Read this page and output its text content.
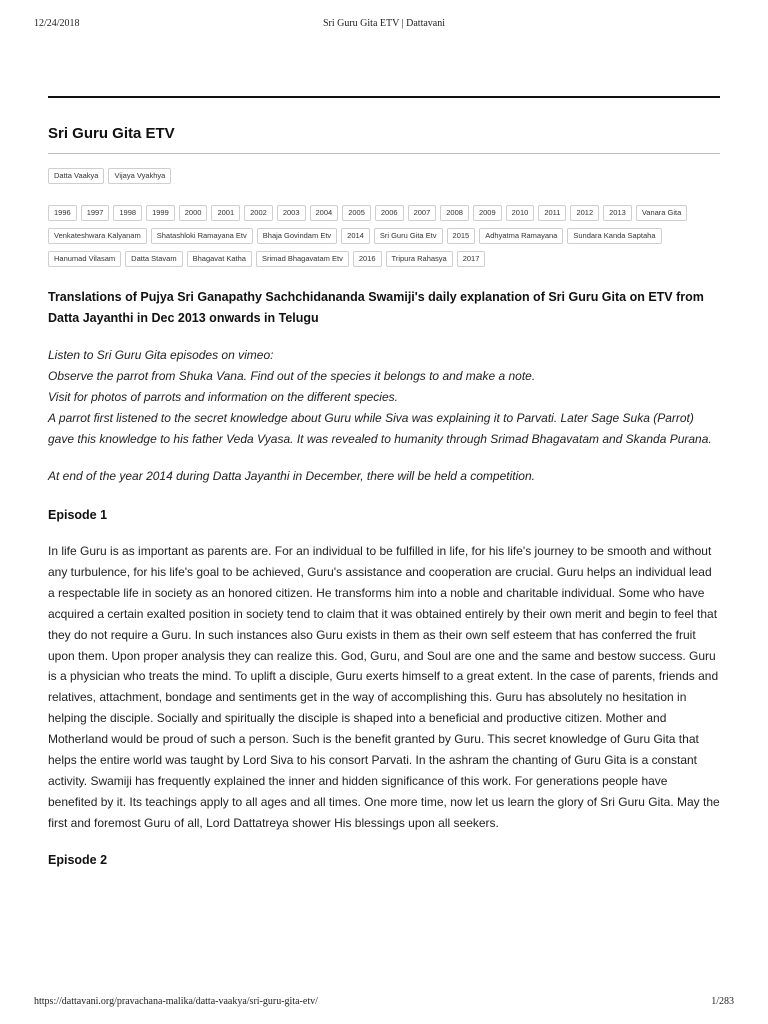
12/24/2018	Sri Guru Gita ETV | Dattavani
Sri Guru Gita ETV
Datta Vaakya	Vijaya Vyakhya
1996	1997	1998	1999	2000	2001	2002	2003	2004	2005	2006	2007	2008	2009	2010	2011	2012	2013	Vanara Gita
Venkateshwara Kalyanam	Shatashloki Ramayana Etv	Bhaja Govindam Etv	2014	Sri Guru Gita Etv	2015	Adhyatma Ramayana	Sundara Kanda Saptaha
Hanumad Vilasam	Datta Stavam	Bhagavat Katha	Srimad Bhagavatam Etv	2016	Tripura Rahasya	2017
Translations of Pujya Sri Ganapathy Sachchidananda Swamiji's daily explanation of Sri Guru Gita on ETV from Datta Jayanthi in Dec 2013 onwards in Telugu

Listen to Sri Guru Gita episodes on vimeo:

Observe the parrot from Shuka Vana. Find out of the species it belongs to and make a note.

Visit for photos of parrots and information on the different species.

A parrot first listened to the secret knowledge about Guru while Siva was explaining it to Parvati. Later Sage Suka (Parrot) gave this knowledge to his father Veda Vyasa. It was revealed to humanity through Srimad Bhagavatam and Skanda Purana.

At end of the year 2014 during Datta Jayanthi in December, there will be held a competition.
Episode 1
In life Guru is as important as parents are. For an individual to be fulfilled in life, for his life's journey to be smooth and without any turbulence, for his life's goal to be achieved, Guru's assistance and cooperation are crucial. Guru helps an individual lead a respectable life in society as an honored citizen. He transforms him into a noble and charitable individual. Some who have acquired a certain exalted position in society tend to claim that it was obtained entirely by their own merit and begin to feel that they do not require a Guru. In such instances also Guru exists in them as their own self esteem that has conferred the fruit upon them. Upon proper analysis they can realize this. God, Guru, and Soul are one and the same and bestow success. Guru is a physician who treats the mind. To uplift a disciple, Guru exerts himself to a great extent. In the case of parents, friends and relatives, attachment, bondage and sentiments get in the way of accomplishing this. Guru has absolutely no hesitation in helping the disciple. Socially and spiritually the disciple is shaped into a beneficial and productive citizen. Mother and Motherland would be proud of such a person. Such is the benefit granted by Guru. This secret knowledge of Guru Gita that helps the entire world was taught by Lord Siva to his consort Parvati. In the ashram the chanting of Guru Gita is a constant activity. Swamiji has frequently explained the inner and hidden significance of this work. For generations people have benefited by it. Its teachings apply to all ages and all times. One more time, now let us learn the glory of Sri Guru Gita. May the first and foremost Guru of all, Lord Dattatreya shower His blessings upon all seekers.
Episode 2
https://dattavani.org/pravachana-malika/datta-vaakya/sri-guru-gita-etv/	1/283
